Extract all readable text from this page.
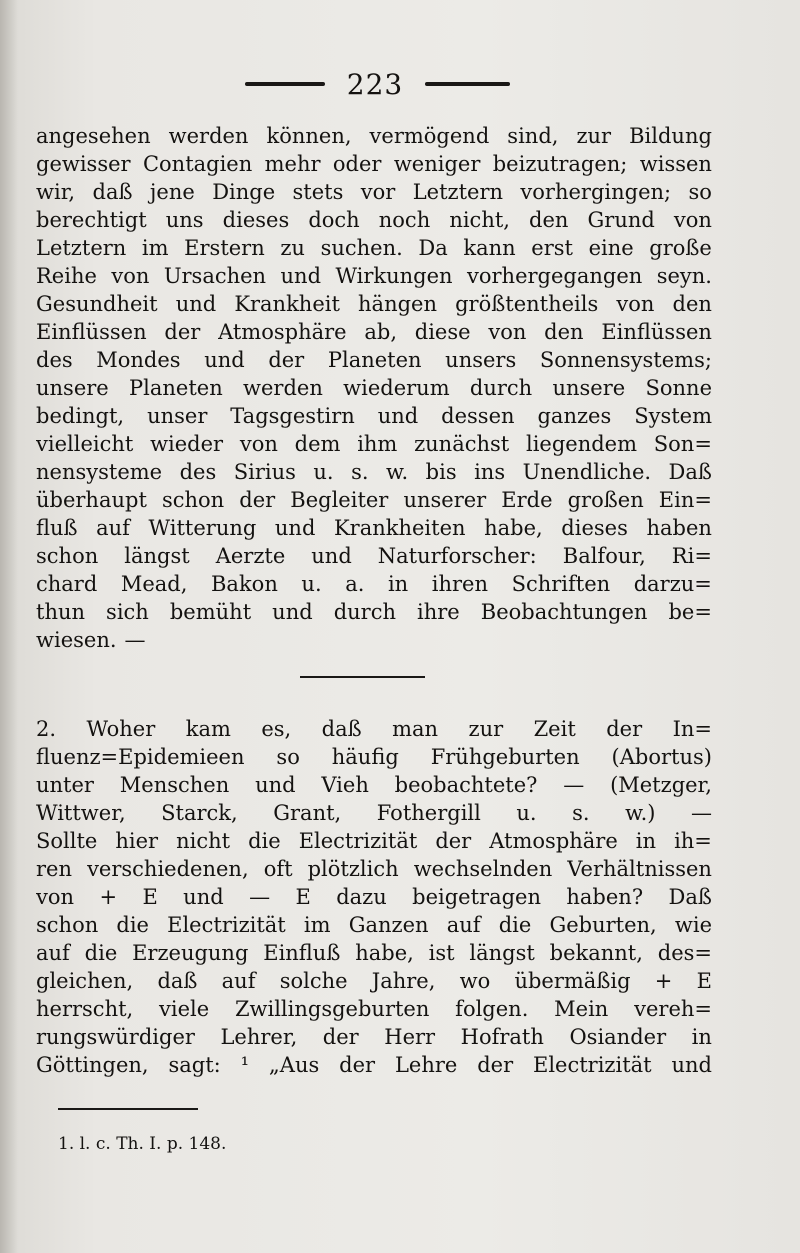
223
angesehen werden können, vermögend sind, zur Bildung
gewisser Contagien mehr oder weniger beizutragen; wissen
wir, daß jene Dinge stets vor Letztern vorhergingen; so
berechtigt uns dieses doch noch nicht, den Grund von
Letztern im Erstern zu suchen. Da kann erst eine große
Reihe von Ursachen und Wirkungen vorhergegangen seyn.
Gesundheit und Krankheit hängen größtentheils von den
Einflüssen der Atmosphäre ab, diese von den Einflüssen
des Mondes und der Planeten unsers Sonnensystems;
unsere Planeten werden wiederum durch unsere Sonne
bedingt, unser Tagsgestirn und dessen ganzes System
vielleicht wieder von dem ihm zunächst liegendem Son=
nensysteme des Sirius u. s. w. bis ins Unendliche. Daß
überhaupt schon der Begleiter unserer Erde großen Ein=
fluß auf Witterung und Krankheiten habe, dieses haben
schon längst Aerzte und Naturforscher: Balfour, Ri=
chard Mead, Bakon u. a. in ihren Schriften darzu=
thun sich bemüht und durch ihre Beobachtungen be=
wiesen. —
2. Woher kam es, daß man zur Zeit der In=
fluenz=Epidemieen so häufig Frühgeburten (Abortus)
unter Menschen und Vieh beobachtete? — (Metzger,
Wittwer, Starck, Grant, Fothergill u. s. w.) —
Sollte hier nicht die Electrizität der Atmosphäre in ih=
ren verschiedenen, oft plötzlich wechselnden Verhältnissen
von + E und — E dazu beigetragen haben? Daß
schon die Electrizität im Ganzen auf die Geburten, wie
auf die Erzeugung Einfluß habe, ist längst bekannt, des=
gleichen, daß auf solche Jahre, wo übermäßig + E
herrscht, viele Zwillingsgeburten folgen. Mein vereh=
rungswürdiger Lehrer, der Herr Hofrath Osiander in
Göttingen, sagt: ¹ „Aus der Lehre der Electrizität und
1. l. c. Th. I. p. 148.
